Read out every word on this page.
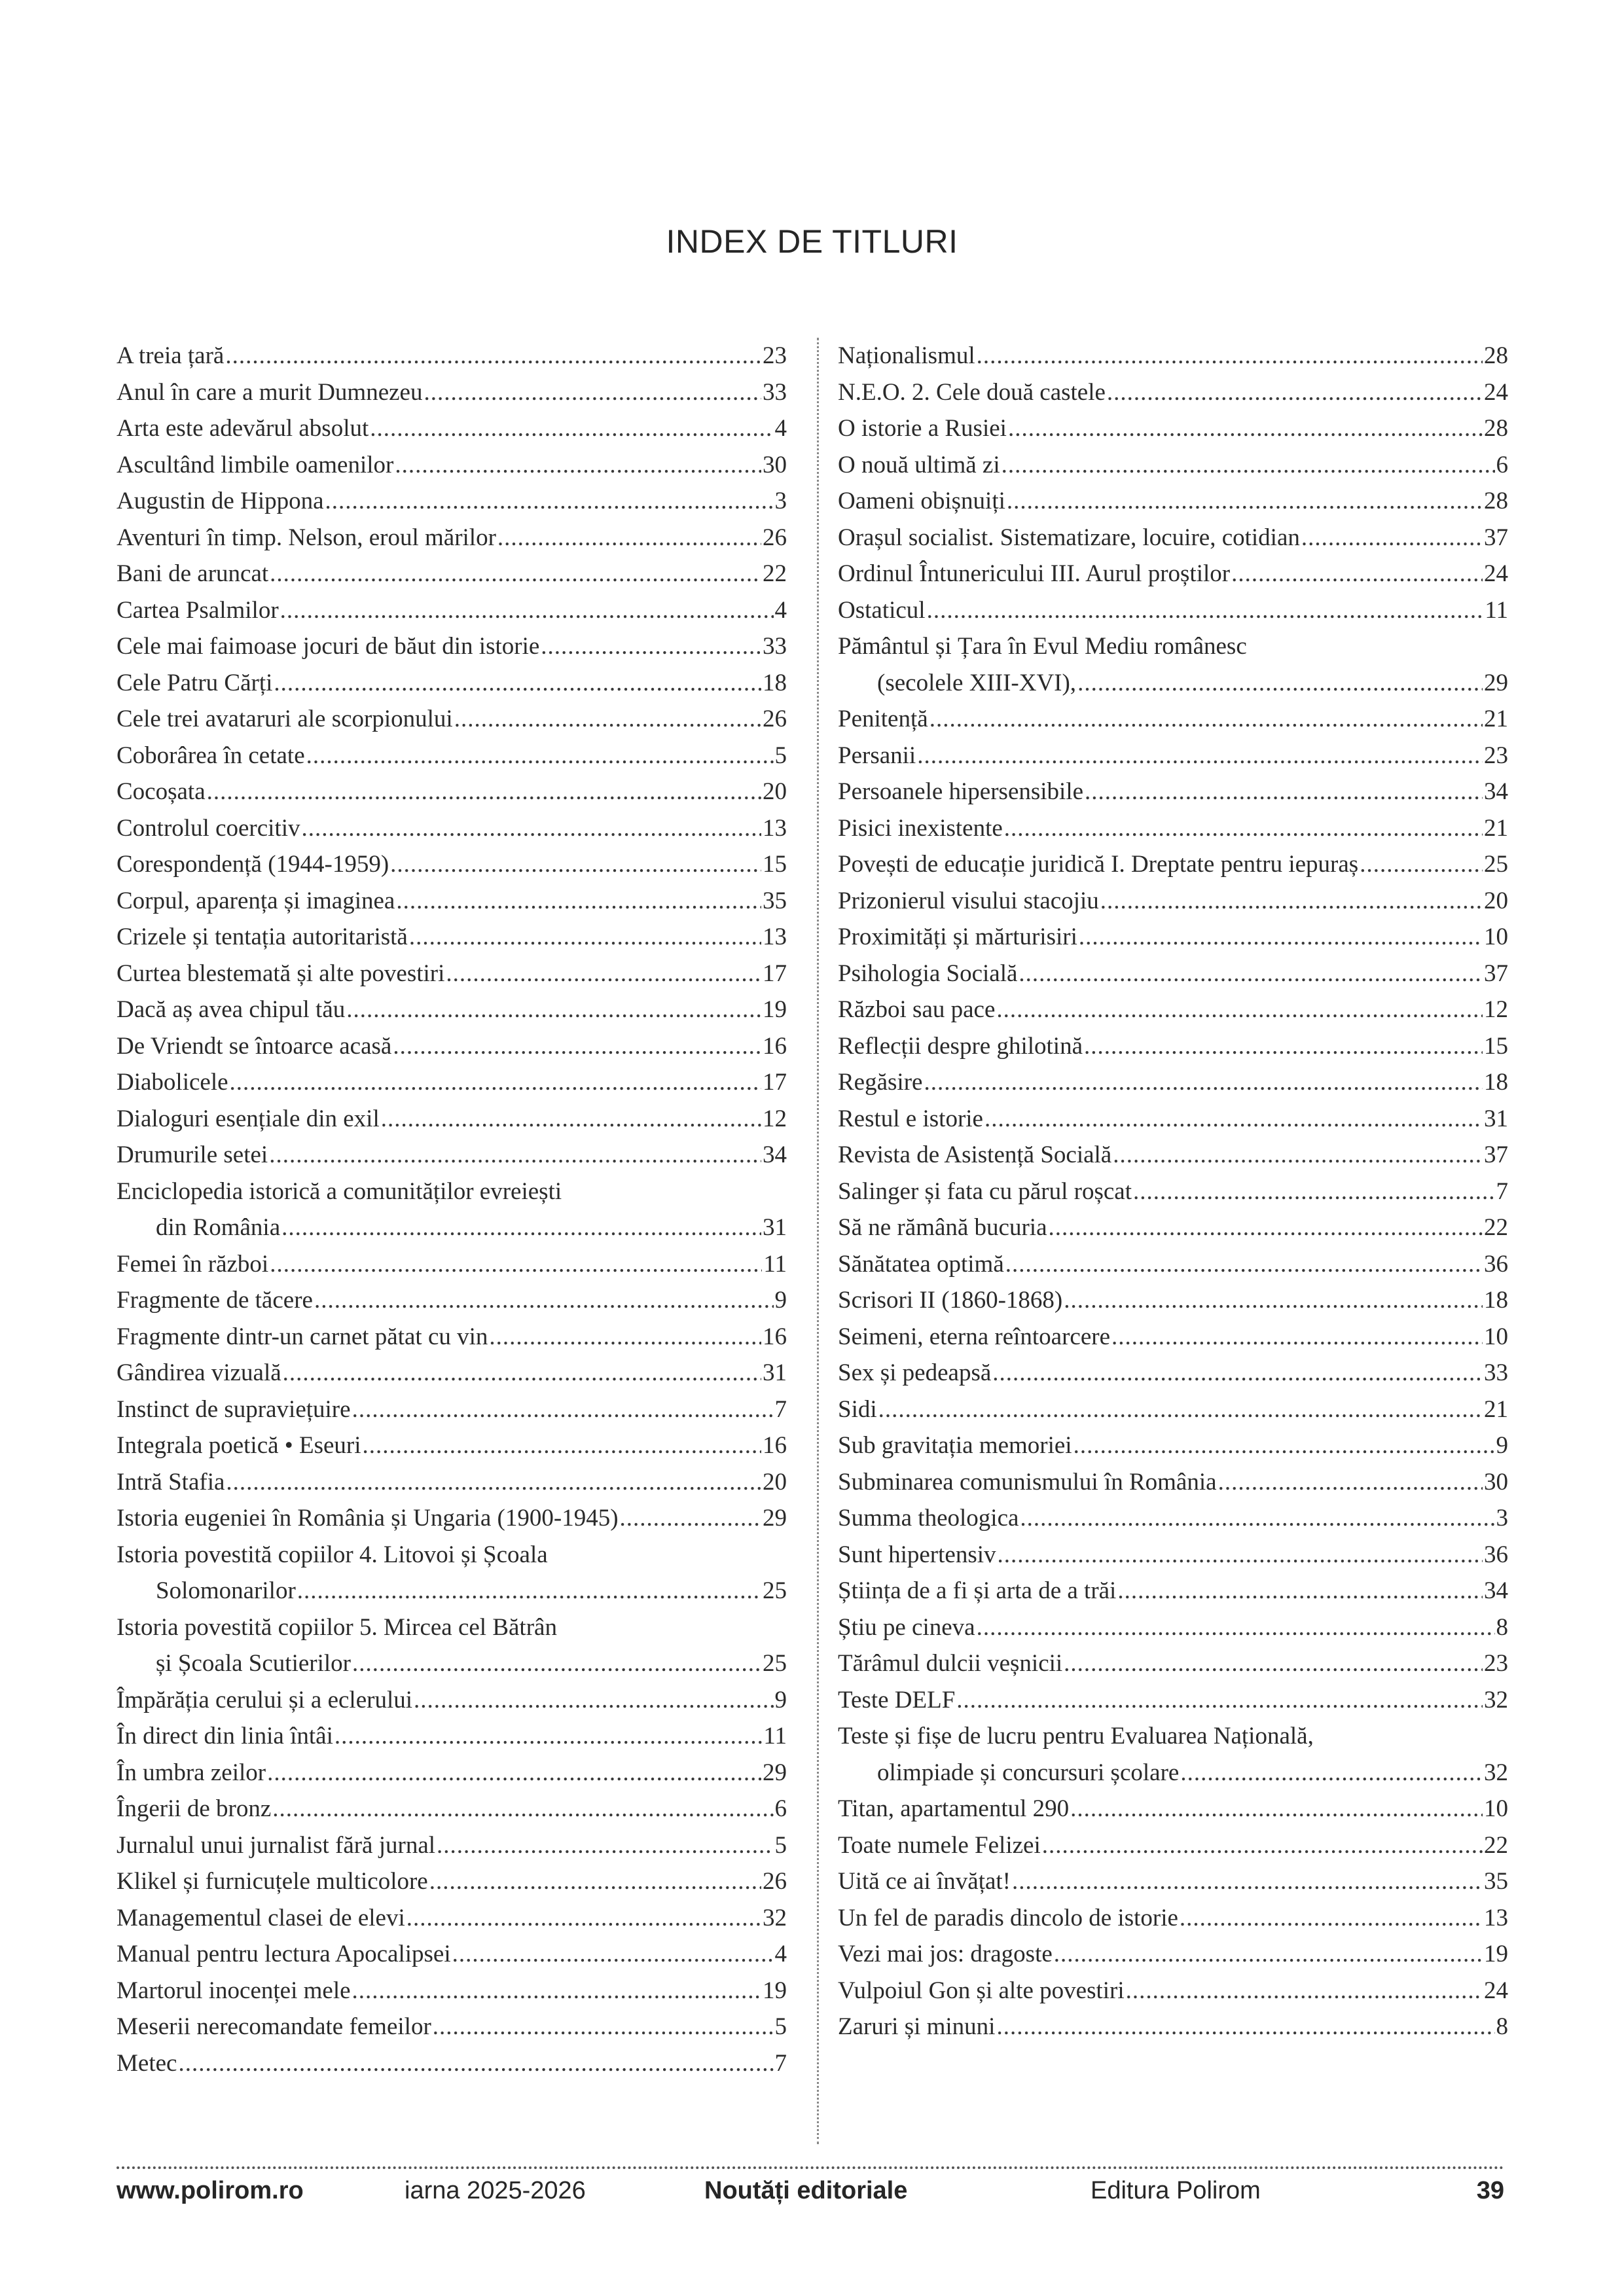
INDEX DE TITLURI
A treia țară .....	23
Anul în care a murit Dumnezeu .....	33
Arta este adevărul absolut .....	4
Ascultând limbile oamenilor .....	30
Augustin de Hippona .....	3
Aventuri în timp. Nelson, eroul mărilor .....	26
Bani de aruncat .....	22
Cartea Psalmilor .....	4
Cele mai faimoase jocuri de băut din istorie .....	33
Cele Patru Cărți .....	18
Cele trei avataruri ale scorpionului .....	26
Coborârea în cetate .....	5
Cocoșata .....	20
Controlul coercitiv .....	13
Corespondență (1944-1959) .....	15
Corpul, aparența și imaginea .....	35
Crizele și tentația autoritaristă .....	13
Curtea blestemată și alte povestiri .....	17
Dacă aș avea chipul tău .....	19
De Vriendt se întoarce acasă .....	16
Diabolicele .....	17
Dialoguri esențiale din exil .....	12
Drumurile setei .....	34
Enciclopedia istorică a comunităților evreiești
din România .....	31
Femei în război .....	11
Fragmente de tăcere .....	9
Fragmente dintr-un carnet pătat cu vin .....	16
Gândirea vizuală .....	31
Instinct de supraviețuire .....	7
Integrala poetică • Eseuri .....	16
Intră Stafia .....	20
Istoria eugeniei în România și Ungaria (1900-1945) .....	29
Istoria povestită copiilor 4. Litovoi și Școala
Solomonarilor .....	25
Istoria povestită copiilor 5. Mircea cel Bătrân
și Școala Scutierilor .....	25
Împărăția cerului și a eclerului .....	9
În direct din linia întâi .....	11
În umbra zeilor .....	29
Îngerii de bronz .....	6
Jurnalul unui jurnalist fără jurnal .....	5
Klikel și furnicuțele multicolore .....	26
Managementul clasei de elevi .....	32
Manual pentru lectura Apocalipsei .....	4
Martorul inocenței mele .....	19
Meserii nerecomandate femeilor .....	5
Metec .....	7
Naționalismul .....	28
N.E.O. 2. Cele două castele .....	24
O istorie a Rusiei .....	28
O nouă ultimă zi .....	6
Oameni obișnuiți .....	28
Orașul socialist. Sistematizare, locuire, cotidian .....	37
Ordinul Întunericului III. Aurul proștilor .....	24
Ostaticul .....	11
Pământul și Țara în Evul Mediu românesc
(secolele XIII-XVI), .....	29
Penitență .....	21
Persanii .....	23
Persoanele hipersensibile .....	34
Pisici inexistente .....	21
Povești de educație juridică I. Dreptate pentru iepuraș .....	25
Prizonierul visului stacojiu .....	20
Proximități și mărturisiri .....	10
Psihologia Socială .....	37
Război sau pace .....	12
Reflecții despre ghilotină .....	15
Regăsire .....	18
Restul e istorie .....	31
Revista de Asistență Socială .....	37
Salinger și fata cu părul roșcat .....	7
Să ne rămână bucuria .....	22
Sănătatea optimă .....	36
Scrisori II (1860-1868) .....	18
Seimeni, eterna reîntoarcere .....	10
Sex și pedeapsă .....	33
Sidi .....	21
Sub gravitația memoriei .....	9
Subminarea comunismului în România .....	30
Summa theologica .....	3
Sunt hipertensiv .....	36
Știința de a fi și arta de a trăi .....	34
Știu pe cineva .....	8
Tărâmul dulcii veșnicii .....	23
Teste DELF .....	32
Teste și fișe de lucru pentru Evaluarea Națională,
olimpiade și concursuri școlare .....	32
Titan, apartamentul 290 .....	10
Toate numele Felizei .....	22
Uită ce ai învățat! .....	35
Un fel de paradis dincolo de istorie .....	13
Vezi mai jos: dragoste .....	19
Vulpoiul Gon și alte povestiri .....	24
Zaruri și minuni .....	8
www.polirom.ro	iarna 2025-2026	Noutăți editoriale	Editura Polirom	39
